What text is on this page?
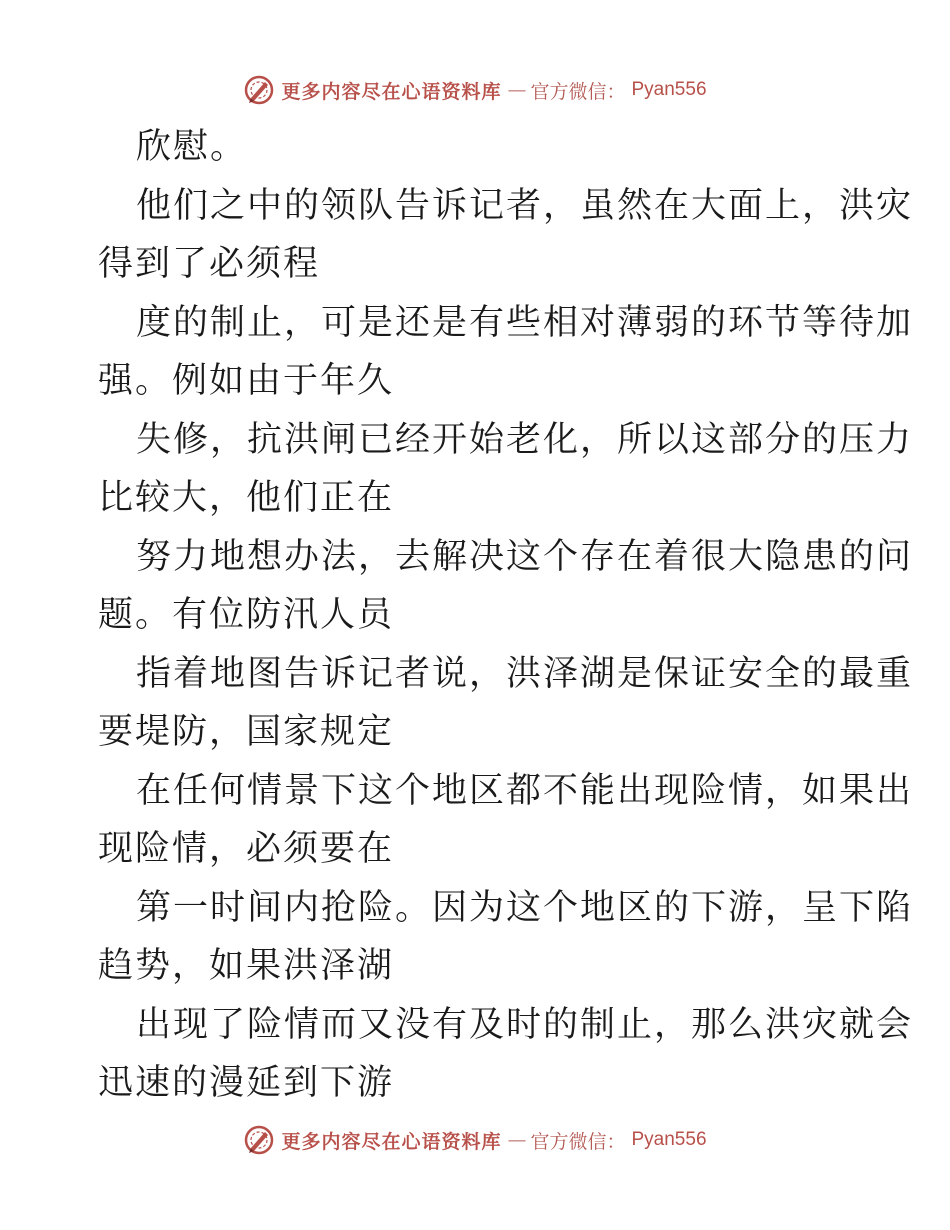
更多内容尽在心语资料库 — 官方微信： Pyan556
欣慰。
他们之中的领队告诉记者，虽然在大面上，洪灾
得到了必须程
度的制止，可是还是有些相对薄弱的环节等待加
强。例如由于年久
失修，抗洪闸已经开始老化，所以这部分的压力
比较大，他们正在
努力地想办法，去解决这个存在着很大隐患的问
题。有位防汛人员
指着地图告诉记者说，洪泽湖是保证安全的最重
要堤防，国家规定
在任何情景下这个地区都不能出现险情，如果出
现险情，必须要在
第一时间内抢险。因为这个地区的下游，呈下陷
趋势，如果洪泽湖
出现了险情而又没有及时的制止，那么洪灾就会
迅速的漫延到下游
更多内容尽在心语资料库 — 官方微信： Pyan556
